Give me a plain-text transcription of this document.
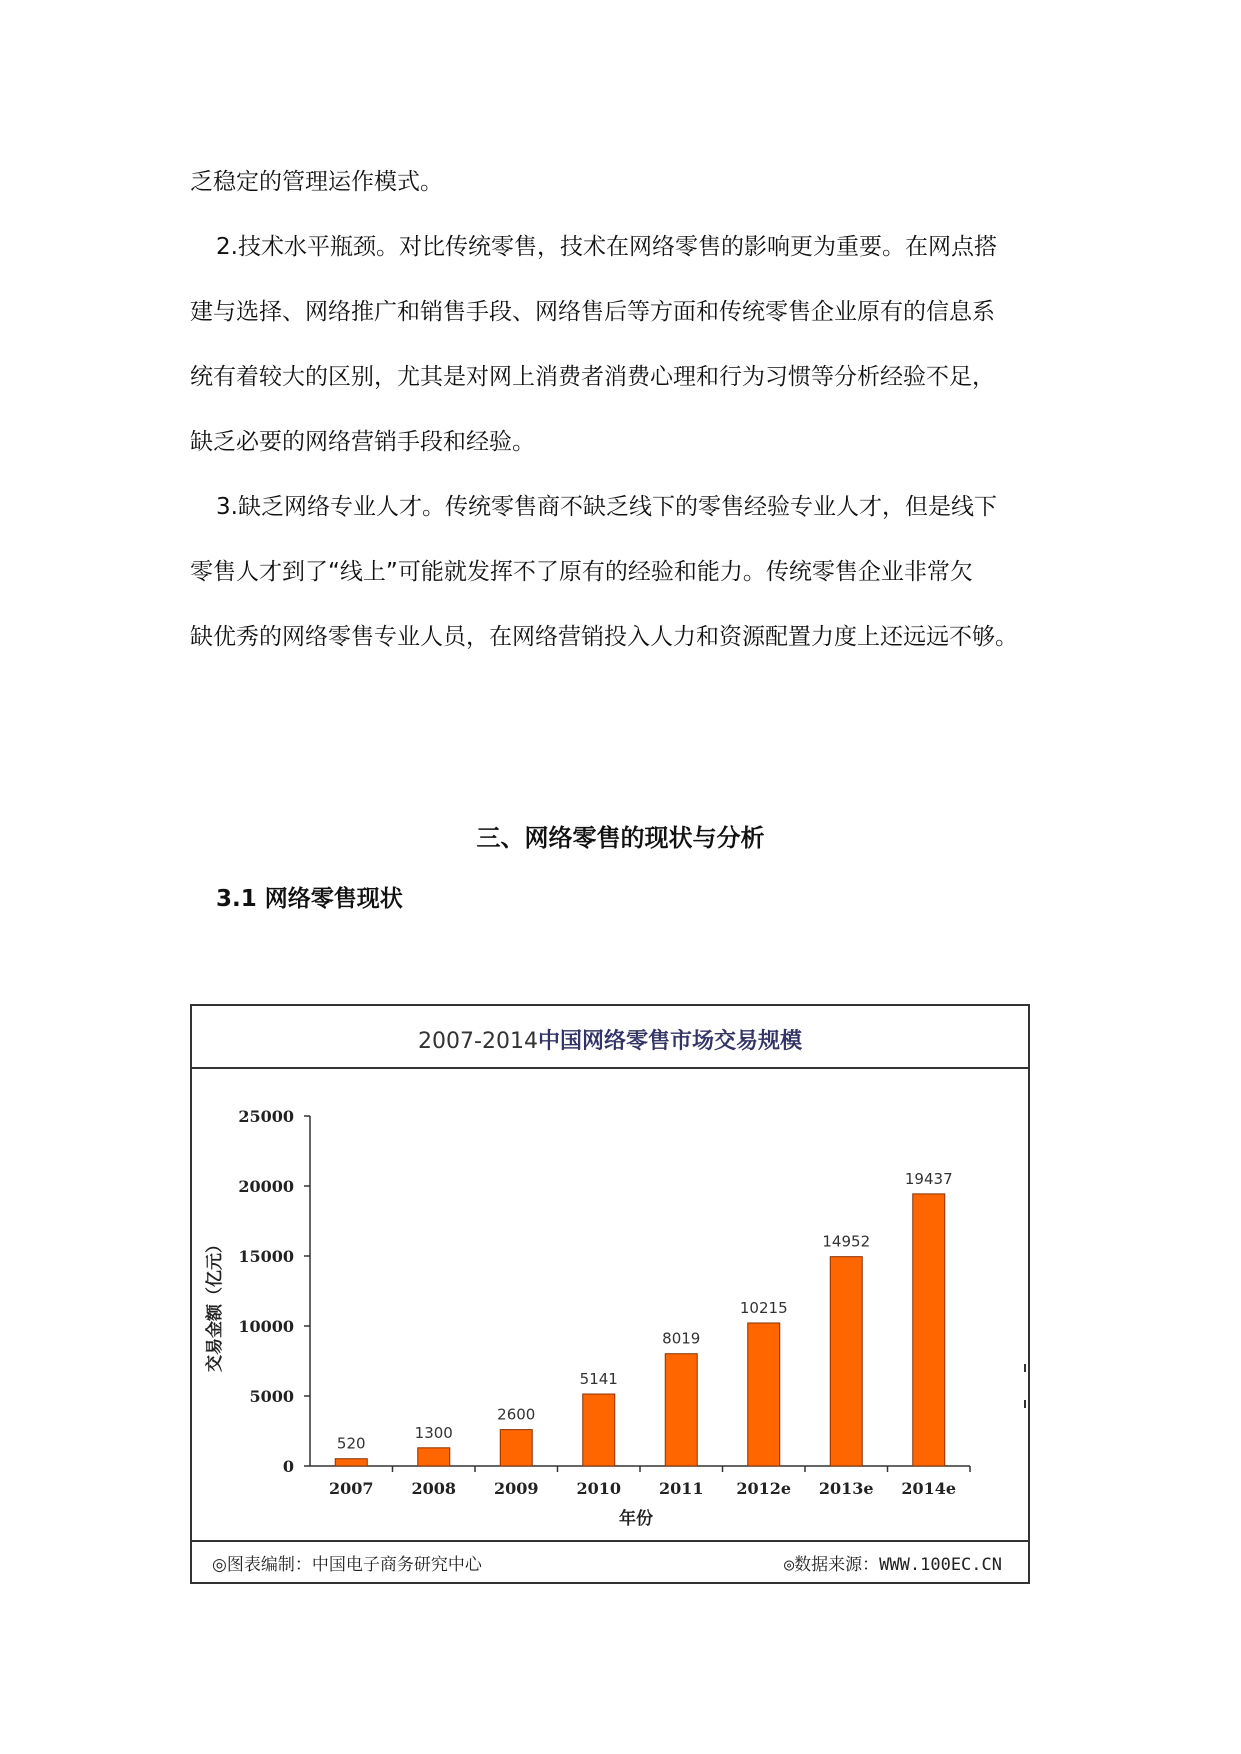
乏稳定的管理运作模式。

2.技术水平瓶颈。对比传统零售，技术在网络零售的影响更为重要。在网点搭
建与选择、网络推广和销售手段、网络售后等方面和传统零售企业原有的信息系
统有着较大的区别，尤其是对网上消费者消费心理和行为习惯等分析经验不足，
缺乏必要的网络营销手段和经验。

3.缺乏网络专业人才。传统零售商不缺乏线下的零售经验专业人才，但是线下
零售人才到了“线上”可能就发挥不了原有的经验和能力。传统零售企业非常欠
缺优秀的网络零售专业人员，在网络营销投入人力和资源配置力度上还远远不够。

三、网络零售的现状与分析
3.1 网络零售现状
2007-2014中国网络零售市场交易规模
交易金额（亿元）
年份
◎图表编制：中国电子商务研究中心	◎数据来源：WWW.100EC.CN
0
5000
10000
15000
20000
25000
520
2007
1300
2008
2600
2009
5141
2010
8019
2011
10215
2012e
14952
2013e
19437
2014e
